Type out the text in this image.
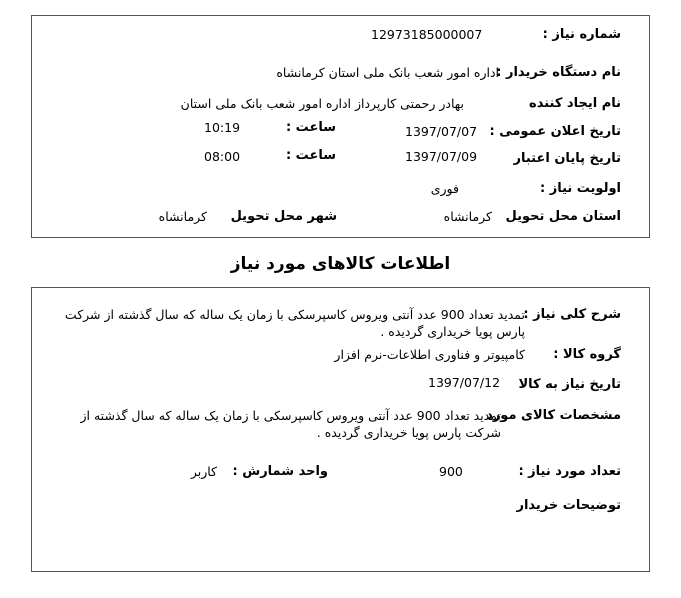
شماره نیاز :
12973185000007
نام دستگاه خریدار :
اداره امور شعب بانک ملی استان کرمانشاه
نام ایجاد کننده
بهادر رحمتی کارپرداز اداره امور شعب بانک ملی استان
تاریخ اعلان عمومی :
1397/07/07
ساعت :
10:19
تاریخ پایان اعتبار
1397/07/09
ساعت :
08:00
اولویت نیاز :
فوری
استان محل تحویل
کرمانشاه
شهر محل تحویل
کرمانشاه
اطلاعات کالاهای مورد نیاز
شرح کلی نیاز :
تمدید تعداد 900 عدد آنتی ویروس کاسپرسکی با زمان یک ساله که سال گذشته از شرکت پارس پویا خریداری گردیده .
گروه کالا :
کامپیوتر و فناوری اطلاعات-نرم افزار
تاریخ نیاز به کالا
1397/07/12
مشخصات کالای مورد
تمدید تعداد 900 عدد آنتی ویروس کاسپرسکی با زمان یک ساله که سال گذشته از شرکت پارس پویا خریداری گردیده .
تعداد مورد نیاز :
900
واحد شمارش :
کاربر
توضیحات خریدار
